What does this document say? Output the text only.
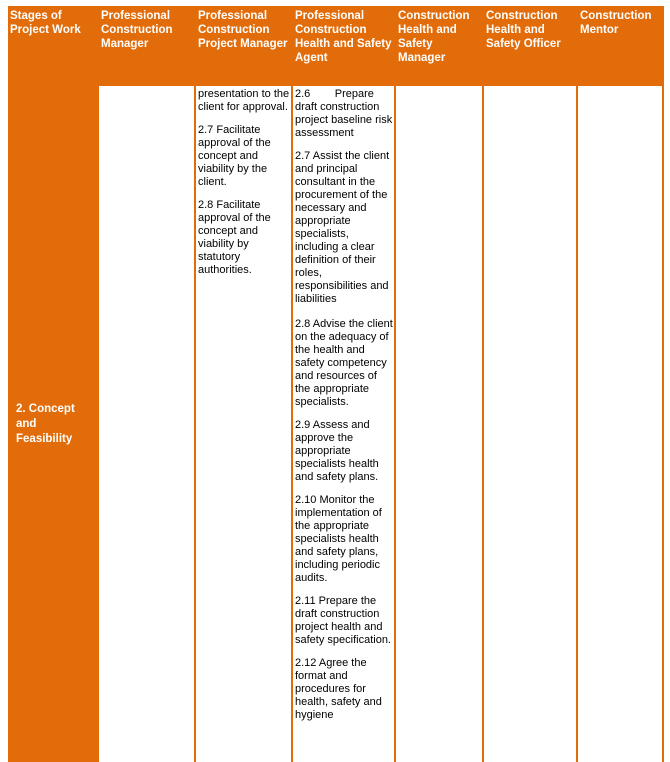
Stages of Project Work
Professional Construction Manager
Professional Construction Project Manager
Professional Construction Health and Safety Agent
Construction Health and Safety Manager
Construction Health and Safety Officer
Construction Mentor
2. Concept and Feasibility

presentation to the client for approval.

2.7 Facilitate approval of the concept and viability by the client.

2.8 Facilitate approval of the concept and viability by statutory authorities.

2.6        Prepare draft construction project baseline risk assessment

2.7 Assist the client and principal consultant in the procurement of the necessary and appropriate specialists, including a clear definition of their roles, responsibilities and liabilities

2.8 Advise the client on the adequacy of the health and safety competency and resources of the appropriate specialists.

2.9 Assess and approve the appropriate specialists health and safety plans.

2.10 Monitor the implementation of the appropriate specialists health and safety plans, including periodic audits.

2.11 Prepare the draft construction project health and safety specification.

2.12 Agree the format and procedures for health, safety and hygiene
